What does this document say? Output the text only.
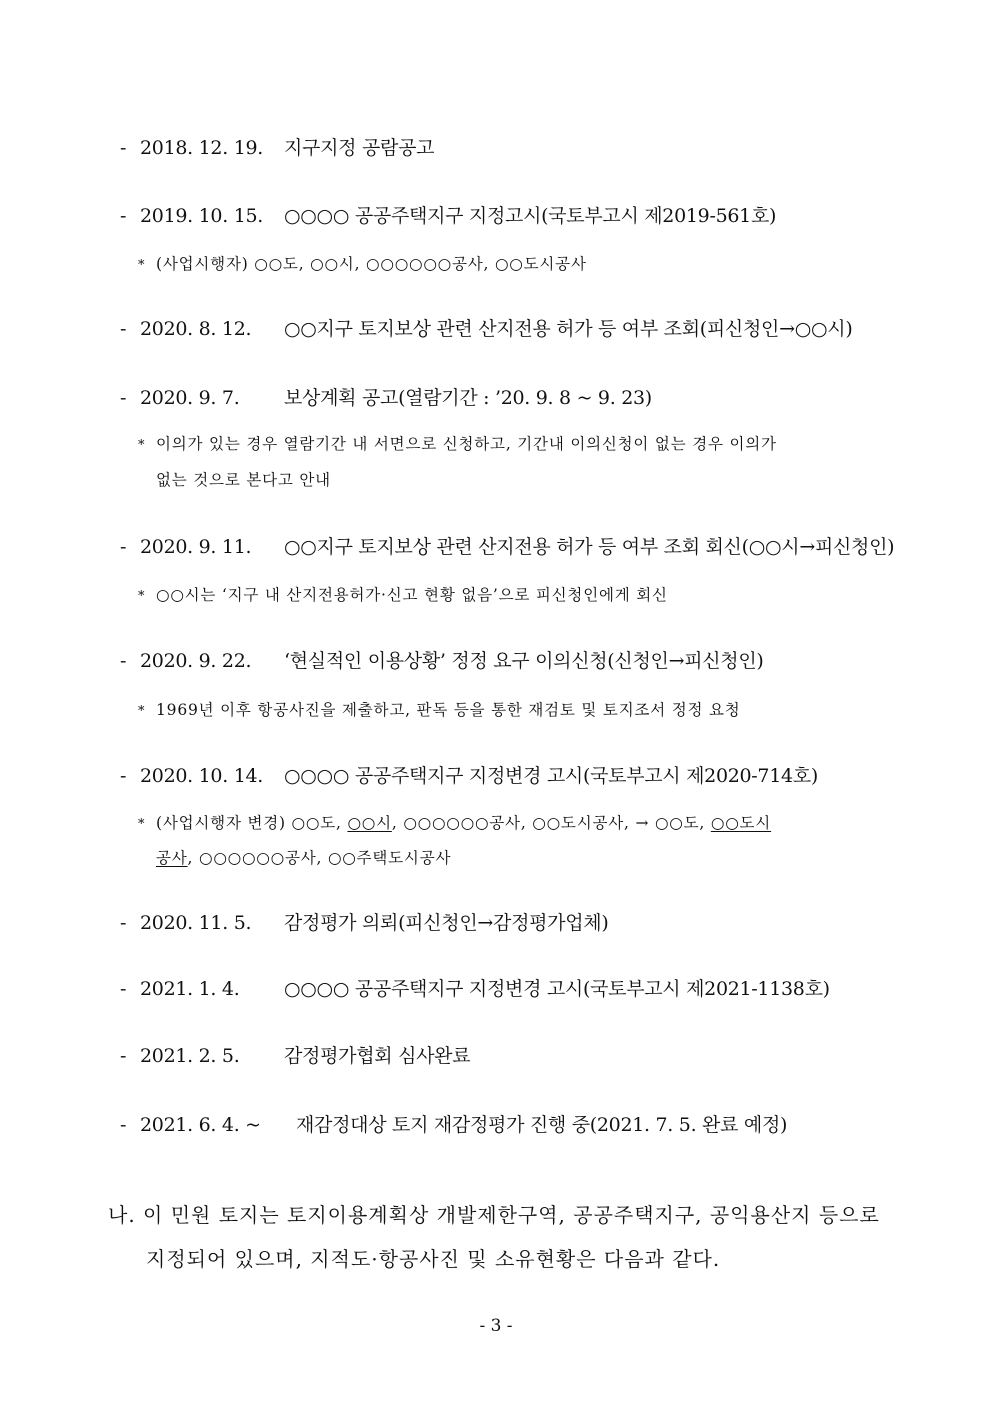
- 2018. 12. 19. 지구지정 공람공고
- 2019. 10. 15. ○○○○ 공공주택지구 지정고시(국토부고시 제2019-561호)
* (사업시행자) ○○도, ○○시, ○○○○○○공사, ○○도시공사
- 2020. 8. 12. ○○지구 토지보상 관련 산지전용 허가 등 여부 조회(피신청인→○○시)
- 2020. 9. 7. 보상계획 공고(열람기간 : ’20. 9. 8 ~ 9. 23)
* 이의가 있는 경우 열람기간 내 서면으로 신청하고, 기간내 이의신청이 없는 경우 이의가
없는 것으로 본다고 안내
- 2020. 9. 11. ○○지구 토지보상 관련 산지전용 허가 등 여부 조회 회신(○○시→피신청인)
* ○○시는 ‘지구 내 산지전용허가·신고 현황 없음’으로 피신청인에게 회신
- 2020. 9. 22. ‘현실적인 이용상황’ 정정 요구 이의신청(신청인→피신청인)
* 1969년 이후 항공사진을 제출하고, 판독 등을 통한 재검토 및 토지조서 정정 요청
- 2020. 10. 14. ○○○○ 공공주택지구 지정변경 고시(국토부고시 제2020-714호)
* (사업시행자 변경) ○○도, ○○시, ○○○○○○공사, ○○도시공사, → ○○도, ○○도시
공사, ○○○○○○공사, ○○주택도시공사
- 2020. 11. 5. 감정평가 의뢰(피신청인→감정평가업체)
- 2021. 1. 4. ○○○○ 공공주택지구 지정변경 고시(국토부고시 제2021-1138호)
- 2021. 2. 5. 감정평가협회 심사완료
- 2021. 6. 4. ~ 재감정대상 토지 재감정평가 진행 중(2021. 7. 5. 완료 예정)
나. 이 민원 토지는 토지이용계획상 개발제한구역, 공공주택지구, 공익용산지 등으로
지정되어 있으며, 지적도·항공사진 및 소유현황은 다음과 같다.
- 3 -
